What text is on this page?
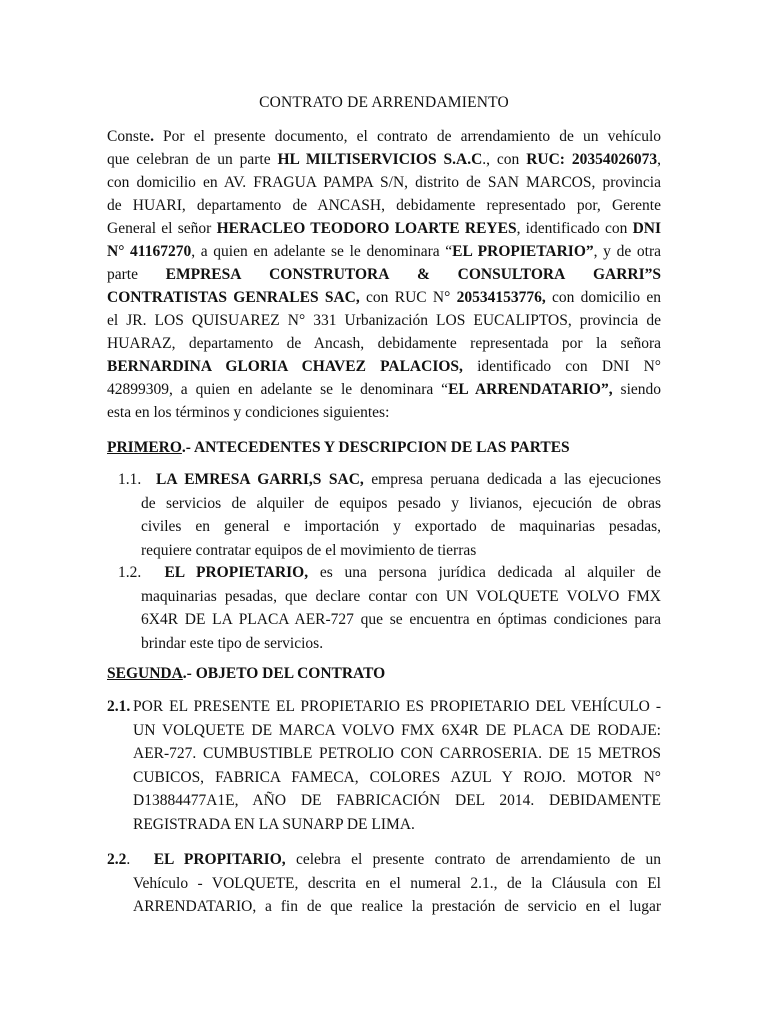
CONTRATO DE ARRENDAMIENTO
Conste. Por el presente documento, el contrato de arrendamiento de un vehículo
que celebran de un parte HL MILTISERVICIOS S.A.C., con RUC: 20354026073,
con domicilio en AV. FRAGUA PAMPA S/N, distrito de SAN MARCOS, provincia
de HUARI, departamento de ANCASH, debidamente representado por, Gerente
General el señor HERACLEO TEODORO LOARTE REYES, identificado con DNI
N° 41167270, a quien en adelante se le denominara “EL PROPIETARIO”, y de otra
parte EMPRESA CONSTRUTORA & CONSULTORA GARRI”S
CONTRATISTAS GENRALES SAC, con RUC N° 20534153776, con domicilio en
el JR. LOS QUISUAREZ N° 331 Urbanización LOS EUCALIPTOS, provincia de
HUARAZ, departamento de Ancash, debidamente representada por la señora
BERNARDINA GLORIA CHAVEZ PALACIOS, identificado con DNI N°
42899309, a quien en adelante se le denominara “EL ARRENDATARIO”, siendo
esta en los términos y condiciones siguientes:
PRIMERO.- ANTECEDENTES Y DESCRIPCION DE LAS PARTES
1.1. LA EMRESA GARRI,S SAC, empresa peruana dedicada a las ejecuciones
de servicios de alquiler de equipos pesado y livianos, ejecución de obras
civiles en general e importación y exportado de maquinarias pesadas,
requiere contratar equipos de el movimiento de tierras
1.2.	EL PROPIETARIO, es una persona jurídica dedicada al alquiler de
maquinarias pesadas, que declare contar con UN VOLQUETE VOLVO FMX
6X4R DE LA PLACA AER-727 que se encuentra en óptimas condiciones para
brindar este tipo de servicios.
SEGUNDA.- OBJETO DEL CONTRATO
2.1. POR EL PRESENTE EL PROPIETARIO ES PROPIETARIO DEL VEHÍCULO -
UN VOLQUETE DE MARCA VOLVO FMX 6X4R DE PLACA DE RODAJE:
AER-727. CUMBUSTIBLE PETROLIO CON CARROSERIA. DE 15 METROS
CUBICOS, FABRICA FAMECA, COLORES AZUL Y ROJO. MOTOR N°
D13884477A1E, AÑO DE FABRICACIÓN DEL 2014. DEBIDAMENTE
REGISTRADA EN LA SUNARP DE LIMA.
2.2.	EL PROPITARIO, celebra el presente contrato de arrendamiento de un
Vehículo - VOLQUETE, descrita en el numeral 2.1., de la Cláusula con El
ARRENDATARIO, a fin de que realice la prestación de servicio en el lugar
